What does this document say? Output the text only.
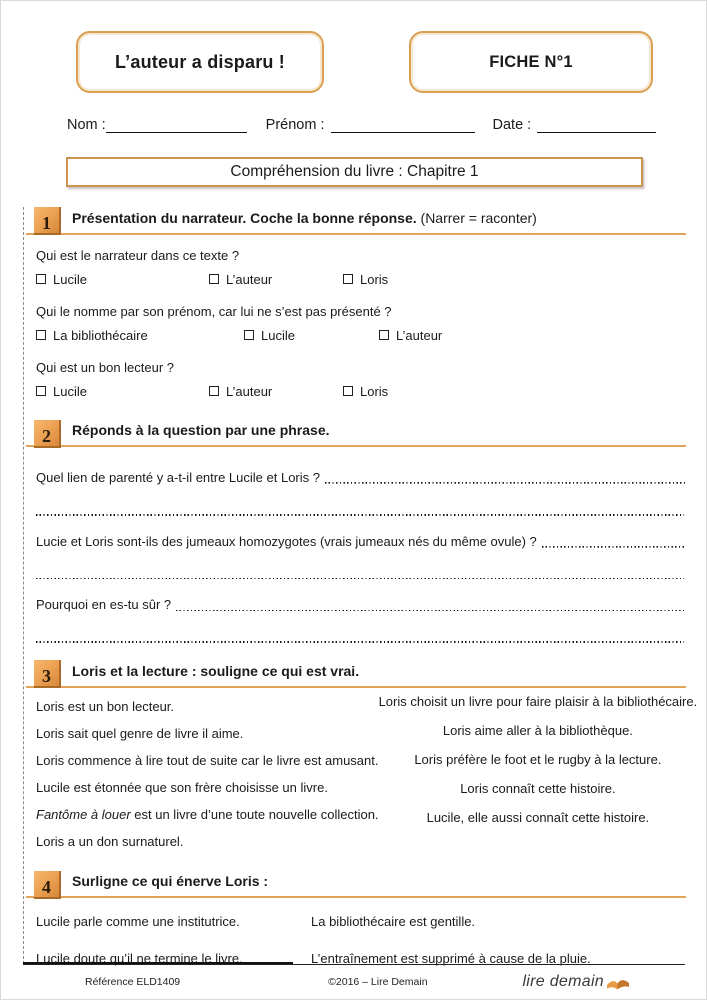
L’auteur a disparu !	FICHE N°1
Nom :	Prénom :	Date :
Compréhension du livre : Chapitre 1
1	Présentation du narrateur. Coche la bonne réponse. (Narrer = raconter)
Qui est le narrateur dans ce texte ?
Lucile	L’auteur	Loris
Qui le nomme par son prénom, car lui ne s’est pas présenté ?
La bibliothécaire	Lucile	L’auteur
Qui est un bon lecteur ?
Lucile	L’auteur	Loris
2	Réponds à la question par une phrase.
Quel lien de parenté y a-t-il entre Lucile et Loris ?
Lucie et Loris sont-ils des jumeaux homozygotes (vrais jumeaux nés du même ovule) ?
Pourquoi en es-tu sûr ?
3	Loris et la lecture : souligne ce qui est vrai.

Loris est un bon lecteur.

Loris sait quel genre de livre il aime.

Loris commence à lire tout de suite car le livre est amusant.

Lucile est étonnée que son frère choisisse un livre.

Fantôme à louer est un livre d’une toute nouvelle collection.

Loris a un don surnaturel.

Loris choisit un livre pour faire plaisir à la bibliothécaire.

Loris aime aller à la bibliothèque.

Loris préfère le foot et le rugby à la lecture.

Loris connaît cette histoire.

Lucile, elle aussi connaît cette histoire.

4	Surligne ce qui énerve Loris :

Lucile parle comme une institutrice.

Lucile doute qu’il ne termine le livre.

La bibliothécaire est gentille.

L’entraînement est supprimé à cause de la pluie.

Référence ELD1409	©2016 – Lire Demain	lire demain
